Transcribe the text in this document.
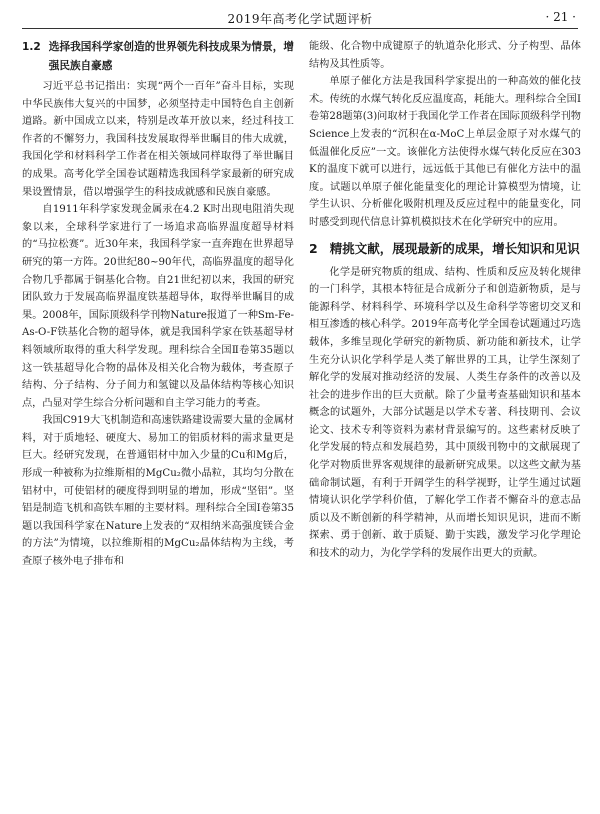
2019年高考化学试题评析	· 21 ·
1.2 选择我国科学家创造的世界领先科技成果为情景，增强民族自豪感

习近平总书记指出：实现“两个一百年”奋斗目标，实现中华民族伟大复兴的中国梦，必须坚持走中国特色自主创新道路。新中国成立以来，特别是改革开放以来，经过科技工作者的不懈努力，我国科技发展取得举世瞩目的伟大成就，我国化学和材料科学工作者在相关领域同样取得了举世瞩目的成果。高考化学全国卷试题精选我国科学家最新的研究成果设置情景，借以增强学生的科技成就感和民族自豪感。

自1911年科学家发现金属汞在4.2 K时出现电阻消失现象以来，全球科学家进行了一场追求高临界温度超导材料的“马拉松赛”。近30年来，我国科学家一直奔跑在世界超导研究的第一方阵。20世纪80~90年代，高临界温度的超导化合物几乎都属于铜基化合物。自21世纪初以来，我国的研究团队致力于发展高临界温度铁基超导体，取得举世瞩目的成果。2008年，国际顶级科学刊物Nature报道了一种Sm-Fe-As-O-F铁基化合物的超导体，就是我国科学家在铁基超导材料领域所取得的重大科学发现。理科综合全国Ⅱ卷第35题以这一铁基超导化合物的晶体及相关化合物为载体，考查原子结构、分子结构、分子间力和氢键以及晶体结构等核心知识点，凸显对学生综合分析问题和自主学习能力的考查。

我国C919大飞机制造和高速铁路建设需要大量的金属材料，对于质地轻、硬度大、易加工的铝质材料的需求量更是巨大。经研究发现，在普通铝材中加入少量的Cu和Mg后，形成一种被称为拉维斯相的MgCu₂微小晶粒，其均匀分散在铝材中，可使铝材的硬度得到明显的增加，形成“坚铝”。坚铝是制造飞机和高铁车厢的主要材料。理科综合全国Ⅰ卷第35题以我国科学家在Nature上发表的“双相纳米高强度镁合金的方法”为情境，以拉维斯相的MgCu₂晶体结构为主线，考查原子核外电子排布和

能级、化合物中成键原子的轨道杂化形式、分子构型、晶体结构及其性质等。

单原子催化方法是我国科学家提出的一种高效的催化技术。传统的水煤气转化反应温度高，耗能大。理科综合全国Ⅰ卷第28题第(3)问取材于我国化学工作者在国际顶级科学刊物Science上发表的“沉积在α-MoC上单层金原子对水煤气的低温催化反应”一文。该催化方法使得水煤气转化反应在303 K的温度下就可以进行，远远低于其他已有催化方法中的温度。试题以单原子催化能量变化的理论计算模型为情境，让学生认识、分析催化吸附机理及反应过程中的能量变化，同时感受到现代信息计算机模拟技术在化学研究中的应用。

2 精挑文献，展现最新的成果，增长知识和见识

化学是研究物质的组成、结构、性质和反应及转化规律的一门科学，其根本特征是合成新分子和创造新物质，是与能源科学、材料科学、环境科学以及生命科学等密切交叉和相互渗透的核心科学。2019年高考化学全国卷试题通过巧选载体，多维呈现化学研究的新物质、新功能和新技术，让学生充分认识化学科学是人类了解世界的工具，让学生深刻了解化学的发展对推动经济的发展、人类生存条件的改善以及社会的进步作出的巨大贡献。除了少量考查基础知识和基本概念的试题外，大部分试题是以学术专著、科技期刊、会议论文、技术专利等资料为素材背景编写的。这些素材反映了化学发展的特点和发展趋势，其中顶级刊物中的文献展现了化学对物质世界客观规律的最新研究成果。以这些文献为基础命制试题，有利于开阔学生的科学视野，让学生通过试题情境认识化学学科价值，了解化学工作者不懈奋斗的意志品质以及不断创新的科学精神，从而增长知识见识，进而不断探索、勇于创新、敢于质疑、勤于实践，激发学习化学理论和技术的动力，为化学学科的发展作出更大的贡献。
